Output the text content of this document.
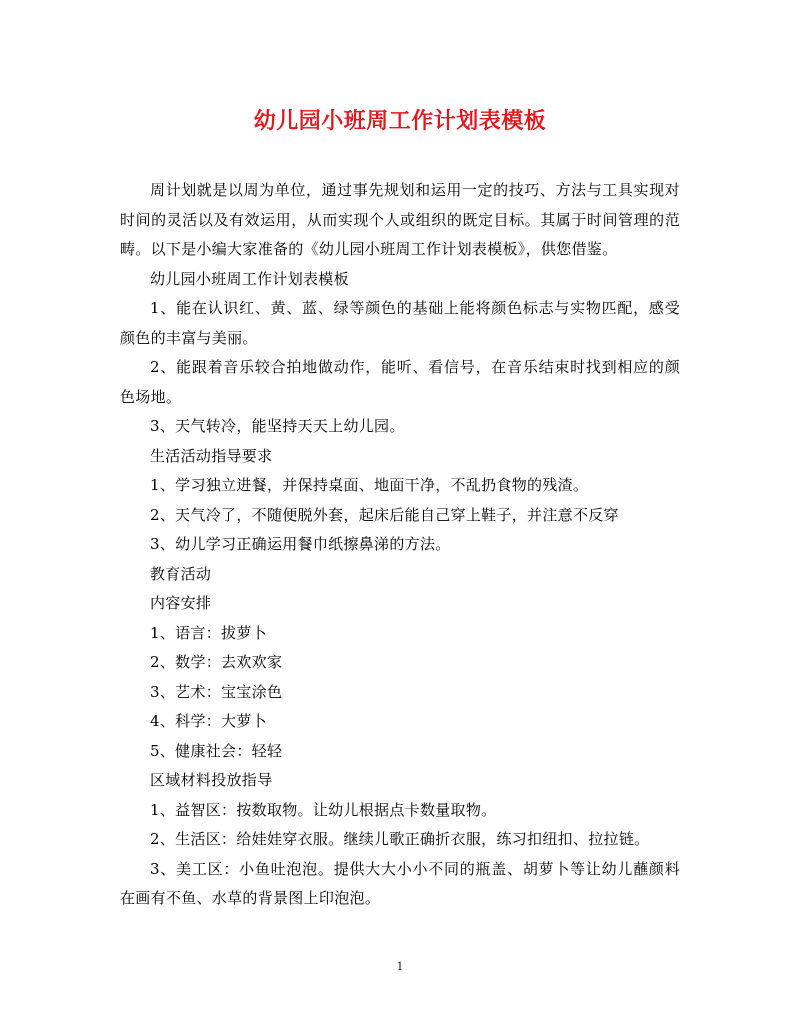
幼儿园小班周工作计划表模板

周计划就是以周为单位，通过事先规划和运用一定的技巧、方法与工具实现对时间的灵活以及有效运用，从而实现个人或组织的既定目标。其属于时间管理的范畴。以下是小编大家准备的《幼儿园小班周工作计划表模板》，供您借鉴。

幼儿园小班周工作计划表模板

1、能在认识红、黄、蓝、绿等颜色的基础上能将颜色标志与实物匹配，感受颜色的丰富与美丽。

2、能跟着音乐较合拍地做动作，能听、看信号，在音乐结束时找到相应的颜色场地。

3、天气转冷，能坚持天天上幼儿园。

生活活动指导要求

1、学习独立进餐，并保持桌面、地面干净，不乱扔食物的残渣。

2、天气冷了，不随便脱外套，起床后能自己穿上鞋子，并注意不反穿

3、幼儿学习正确运用餐巾纸擦鼻涕的方法。

教育活动

内容安排

1、语言：拔萝卜

2、数学：去欢欢家

3、艺术：宝宝涂色

4、科学：大萝卜

5、健康社会：轻轻

区域材料投放指导

1、益智区：按数取物。让幼儿根据点卡数量取物。

2、生活区：给娃娃穿衣服。继续儿歌正确折衣服，练习扣纽扣、拉拉链。

3、美工区：小鱼吐泡泡。提供大大小小不同的瓶盖、胡萝卜等让幼儿蘸颜料在画有不鱼、水草的背景图上印泡泡。

1
